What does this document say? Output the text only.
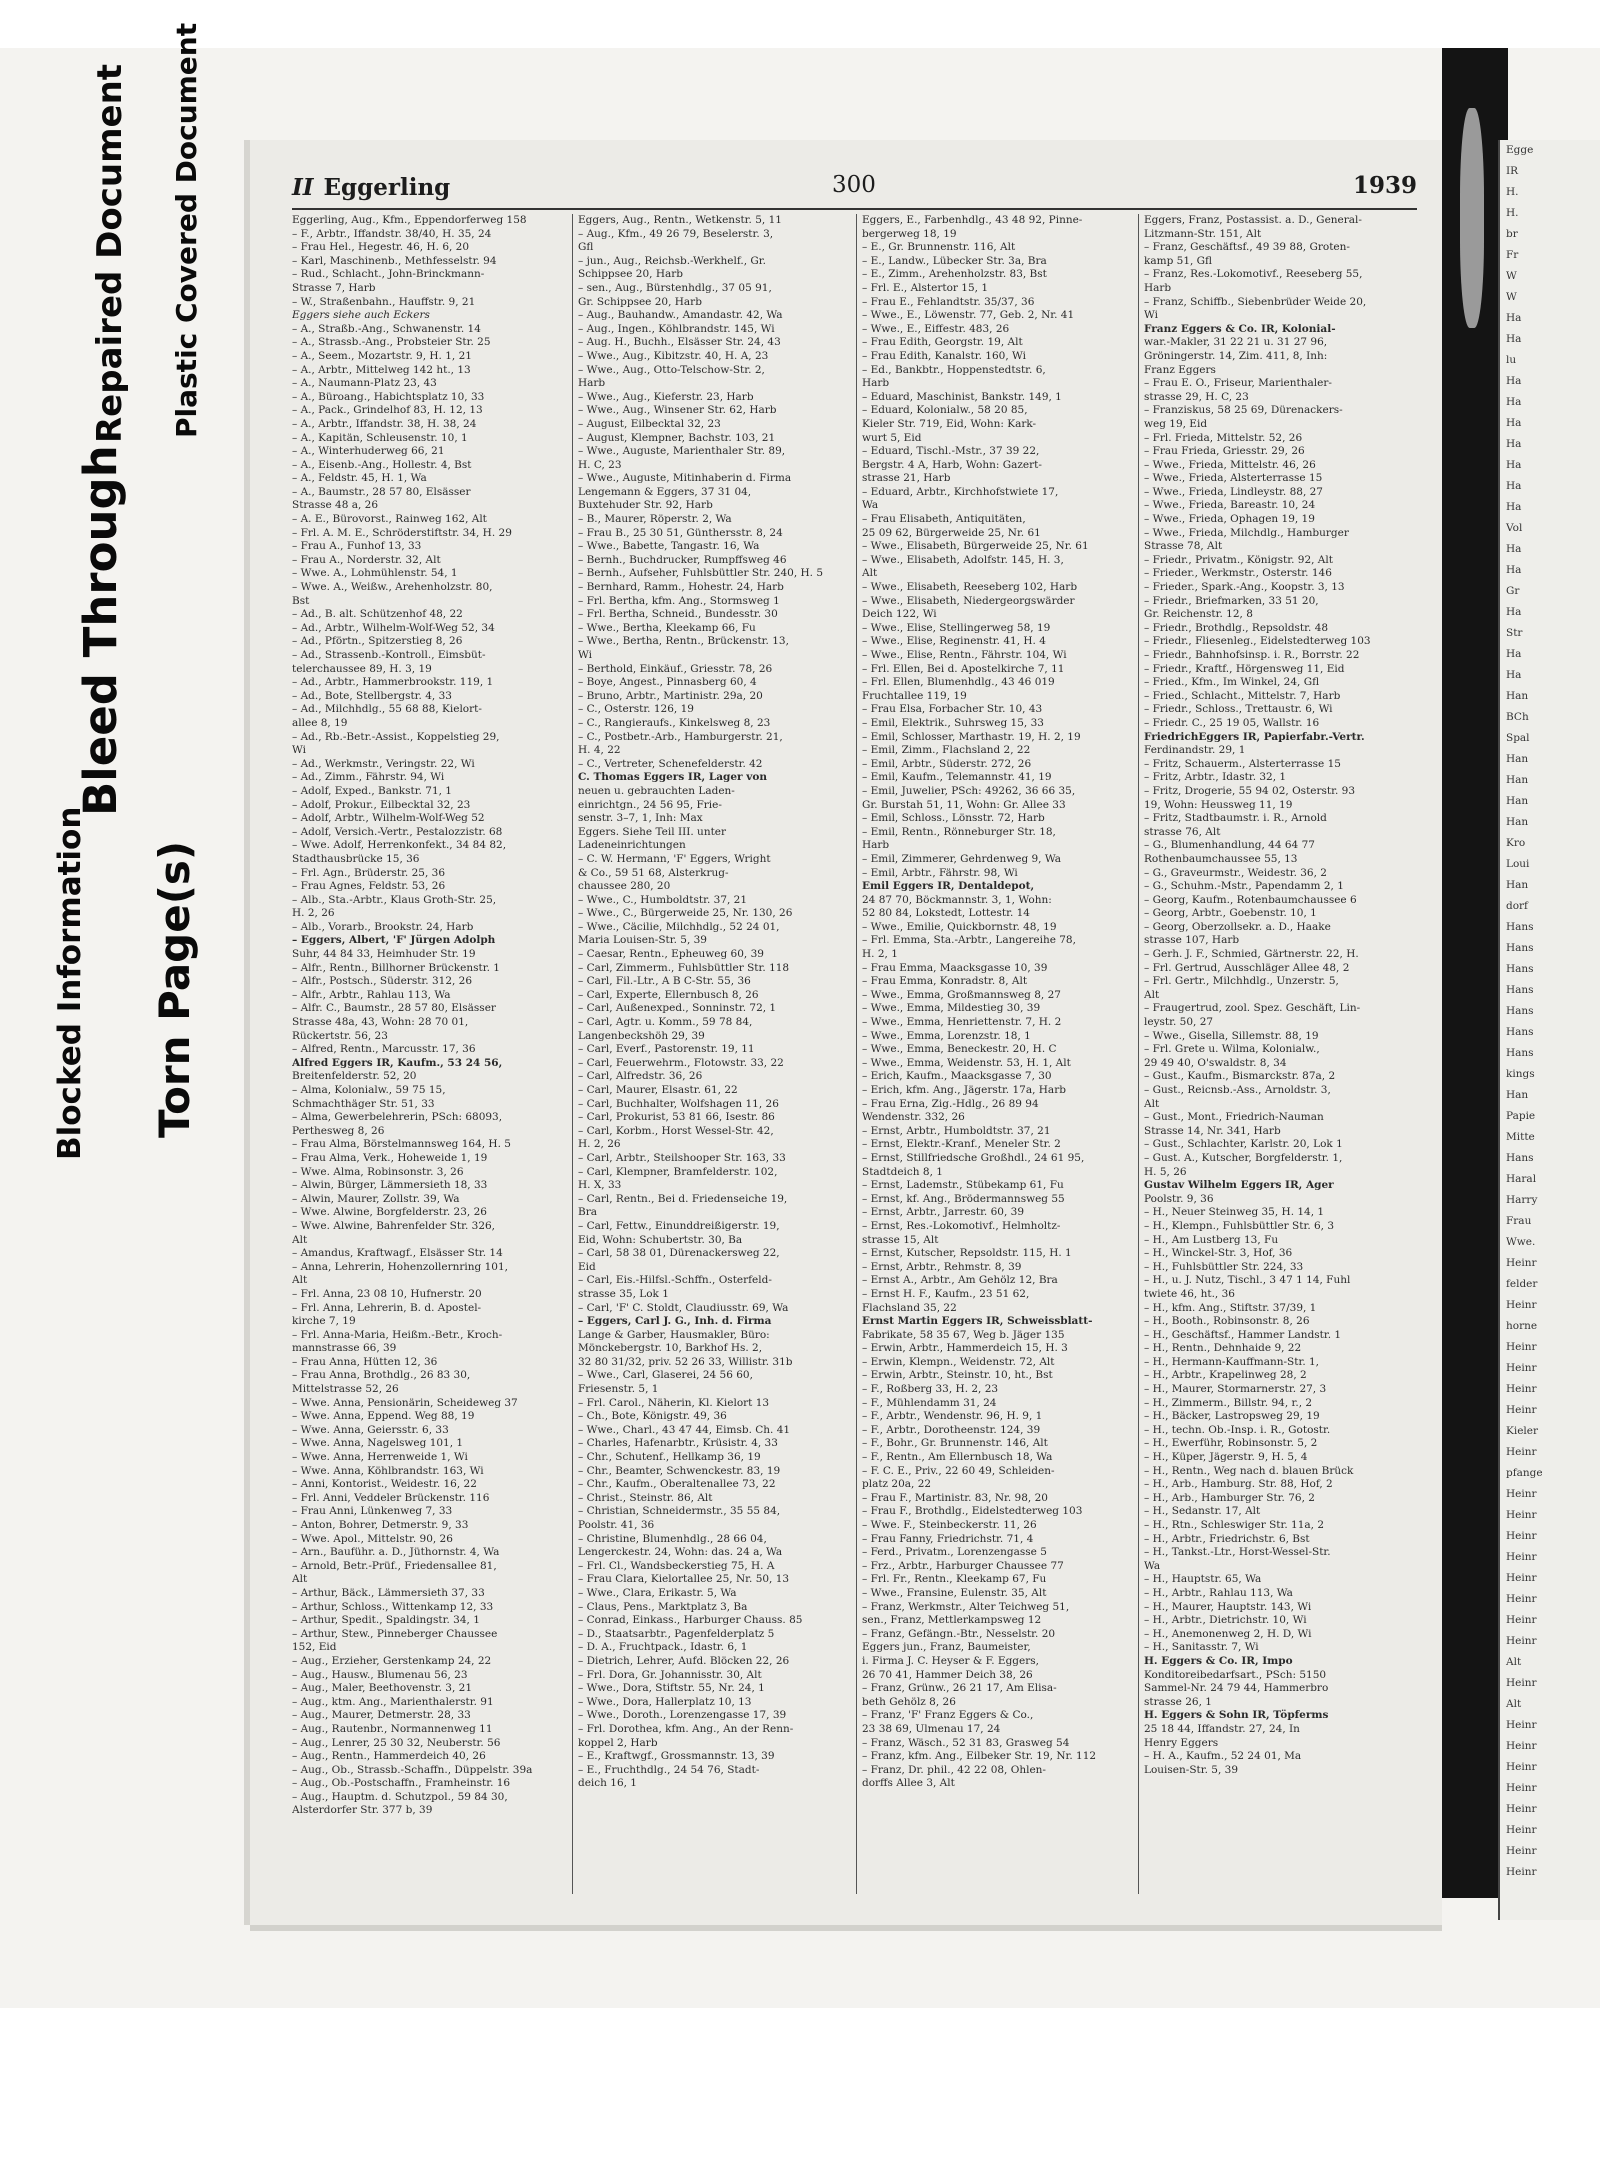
Blocked Information Torn Page(s)
Bleed Through
Repaired Document Plastic Covered Document	Egge
IR
H.
H.
br
Fr
W
W
Ha
Ha
lu
Ha
Ha
Ha
Ha
Ha
Ha
Ha
Vol
Ha
Ha
Gr
Ha
Str
Ha
Ha
Han
BCh
Spal
Han
Han
Han
Han
Kro
Loui
Han
dorf
Hans
Hans
Hans
Hans
Hans
Hans
Hans
kings
Han
Papie
Mitte
Hans
Haral
Harry
Frau
Wwe.
Heinr
felder
Heinr
horne
Heinr
Heinr
Heinr
Heinr
Kieler
Heinr
pfange
Heinr
Heinr
Heinr
Heinr
Heinr
Heinr
Heinr
Heinr
Alt
Heinr
Alt
Heinr
Heinr
Heinr
Heinr
Heinr
Heinr
Heinr
Heinr
II Eggerling	300	1939
Eggerling, Aug., Kfm., Eppendorferweg 158
– F., Arbtr., Iffandstr. 38/40, H. 35, 24
– Frau Hel., Hegestr. 46, H. 6, 20
– Karl, Maschinenb., Methfesselstr. 94
– Rud., Schlacht., John-Brinckmann-
Strasse 7, Harb
– W., Straßenbahn., Hauffstr. 9, 21
Eggers siehe auch Eckers
– A., Straßb.-Ang., Schwanenstr. 14
– A., Strassb.-Ang., Probsteier Str. 25
– A., Seem., Mozartstr. 9, H. 1, 21
– A., Arbtr., Mittelweg 142 ht., 13
– A., Naumann-Platz 23, 43
– A., Büroang., Habichtsplatz 10, 33
– A., Pack., Grindelhof 83, H. 12, 13
– A., Arbtr., Iffandstr. 38, H. 38, 24
– A., Kapitän, Schleusenstr. 10, 1
– A., Winterhuderweg 66, 21
– A., Eisenb.-Ang., Hollestr. 4, Bst
– A., Feldstr. 45, H. 1, Wa
– A., Baumstr., 28 57 80, Elsässer
Strasse 48 a, 26
– A. E., Bürovorst., Rainweg 162, Alt
– Frl. A. M. E., Schröderstiftstr. 34, H. 29
– Frau A., Funhof 13, 33
– Frau A., Norderstr. 32, Alt
– Wwe. A., Lohmühlenstr. 54, 1
– Wwe. A., Weißw., Arehenholzstr. 80,
Bst
– Ad., B. alt. Schützenhof 48, 22
– Ad., Arbtr., Wilhelm-Wolf-Weg 52, 34
– Ad., Pförtn., Spitzerstieg 8, 26
– Ad., Strassenb.-Kontroll., Eimsbüt-
telerchaussee 89, H. 3, 19
– Ad., Arbtr., Hammerbrookstr. 119, 1
– Ad., Bote, Stellbergstr. 4, 33
– Ad., Milchhdlg., 55 68 88, Kielort-
allee 8, 19
– Ad., Rb.-Betr.-Assist., Koppelstieg 29,
Wi
– Ad., Werkmstr., Veringstr. 22, Wi
– Ad., Zimm., Fährstr. 94, Wi
– Adolf, Exped., Bankstr. 71, 1
– Adolf, Prokur., Eilbecktal 32, 23
– Adolf, Arbtr., Wilhelm-Wolf-Weg 52
– Adolf, Versich.-Vertr., Pestalozzistr. 68
– Wwe. Adolf, Herrenkonfekt., 34 84 82,
Stadthausbrücke 15, 36
– Frl. Agn., Brüderstr. 25, 36
– Frau Agnes, Feldstr. 53, 26
– Alb., Sta.-Arbtr., Klaus Groth-Str. 25,
H. 2, 26
– Alb., Vorarb., Brookstr. 24, Harb
– Eggers, Albert, 'F' Jürgen Adolph
Suhr, 44 84 33, Heimhuder Str. 19
– Alfr., Rentn., Billhorner Brückenstr. 1
– Alfr., Postsch., Süderstr. 312, 26
– Alfr., Arbtr., Rahlau 113, Wa
– Alfr. C., Baumstr., 28 57 80, Elsässer
Strasse 48a, 43, Wohn: 28 70 01,
Rückertstr. 56, 23
– Alfred, Rentn., Marcusstr. 17, 36
Alfred Eggers IR, Kaufm., 53 24 56,
Breitenfelderstr. 52, 20
– Alma, Kolonialw., 59 75 15,
Schmachthäger Str. 51, 33
– Alma, Gewerbelehrerin, PSch: 68093,
Perthesweg 8, 26
– Frau Alma, Börstelmannsweg 164, H. 5
– Frau Alma, Verk., Hoheweide 1, 19
– Wwe. Alma, Robinsonstr. 3, 26
– Alwin, Bürger, Lämmersieth 18, 33
– Alwin, Maurer, Zollstr. 39, Wa
– Wwe. Alwine, Borgfelderstr. 23, 26
– Wwe. Alwine, Bahrenfelder Str. 326,
Alt
– Amandus, Kraftwagf., Elsässer Str. 14
– Anna, Lehrerin, Hohenzollernring 101,
Alt
– Frl. Anna, 23 08 10, Hufnerstr. 20
– Frl. Anna, Lehrerin, B. d. Apostel-
kirche 7, 19
– Frl. Anna-Maria, Heißm.-Betr., Kroch-
mannstrasse 66, 39
– Frau Anna, Hütten 12, 36
– Frau Anna, Brothdlg., 26 83 30,
Mittelstrasse 52, 26
– Wwe. Anna, Pensionärin, Scheideweg 37
– Wwe. Anna, Eppend. Weg 88, 19
– Wwe. Anna, Geiersstr. 6, 33
– Wwe. Anna, Nagelsweg 101, 1
– Wwe. Anna, Herrenweide 1, Wi
– Wwe. Anna, Köhlbrandstr. 163, Wi
– Anni, Kontorist., Weidestr. 16, 22
– Frl. Anni, Veddeler Brückenstr. 116
– Frau Anni, Lünkenweg 7, 33
– Anton, Bohrer, Detmerstr. 9, 33
– Wwe. Apol., Mittelstr. 90, 26
– Arn., Bauführ. a. D., Jüthornstr. 4, Wa
– Arnold, Betr.-Prüf., Friedensallee 81,
Alt
– Arthur, Bäck., Lämmersieth 37, 33
– Arthur, Schloss., Wittenkamp 12, 33
– Arthur, Spedit., Spaldingstr. 34, 1
– Arthur, Stew., Pinneberger Chaussee
152, Eid
– Aug., Erzieher, Gerstenkamp 24, 22
– Aug., Hausw., Blumenau 56, 23
– Aug., Maler, Beethovenstr. 3, 21
– Aug., ktm. Ang., Marienthalerstr. 91
– Aug., Maurer, Detmerstr. 28, 33
– Aug., Rautenbr., Normannenweg 11
– Aug., Lenrer, 25 30 32, Neuberstr. 56
– Aug., Rentn., Hammerdeich 40, 26
– Aug., Ob., Strassb.-Schaffn., Düppelstr. 39a
– Aug., Ob.-Postschaffn., Framheinstr. 16
– Aug., Hauptm. d. Schutzpol., 59 84 30,
Alsterdorfer Str. 377 b, 39
Eggers, Aug., Rentn., Wetkenstr. 5, 11
– Aug., Kfm., 49 26 79, Beselerstr. 3,
Gfl
– jun., Aug., Reichsb.-Werkhelf., Gr.
Schippsee 20, Harb
– sen., Aug., Bürstenhdlg., 37 05 91,
Gr. Schippsee 20, Harb
– Aug., Bauhandw., Amandastr. 42, Wa
– Aug., Ingen., Köhlbrandstr. 145, Wi
– Aug. H., Buchh., Elsässer Str. 24, 43
– Wwe., Aug., Kibitzstr. 40, H. A, 23
– Wwe., Aug., Otto-Telschow-Str. 2,
Harb
– Wwe., Aug., Kieferstr. 23, Harb
– Wwe., Aug., Winsener Str. 62, Harb
– August, Eilbecktal 32, 23
– August, Klempner, Bachstr. 103, 21
– Wwe., Auguste, Marienthaler Str. 89,
H. C, 23
– Wwe., Auguste, Mitinhaberin d. Firma
Lengemann & Eggers, 37 31 04,
Buxtehuder Str. 92, Harb
– B., Maurer, Röperstr. 2, Wa
– Frau B., 25 30 51, Günthersstr. 8, 24
– Wwe., Babette, Tangastr. 16, Wa
– Bernh., Buchdrucker, Rumpffsweg 46
– Bernh., Aufseher, Fuhlsbüttler Str. 240, H. 5
– Bernhard, Ramm., Hohestr. 24, Harb
– Frl. Bertha, kfm. Ang., Stormsweg 1
– Frl. Bertha, Schneid., Bundesstr. 30
– Wwe., Bertha, Kleekamp 66, Fu
– Wwe., Bertha, Rentn., Brückenstr. 13,
Wi
– Berthold, Einkäuf., Griesstr. 78, 26
– Boye, Angest., Pinnasberg 60, 4
– Bruno, Arbtr., Martinistr. 29a, 20
– C., Osterstr. 126, 19
– C., Rangieraufs., Kinkelsweg 8, 23
– C., Postbetr.-Arb., Hamburgerstr. 21,
H. 4, 22
– C., Vertreter, Schenefelderstr. 42
C. Thomas Eggers IR, Lager von
neuen u. gebrauchten Laden-
einrichtgn., 24 56 95, Frie-
senstr. 3–7, 1, Inh: Max
Eggers. Siehe Teil III. unter
Ladeneinrichtungen
– C. W. Hermann, 'F' Eggers, Wright
& Co., 59 51 68, Alsterkrug-
chaussee 280, 20
– Wwe., C., Humboldtstr. 37, 21
– Wwe., C., Bürgerweide 25, Nr. 130, 26
– Wwe., Cäcilie, Milchhdlg., 52 24 01,
Maria Louisen-Str. 5, 39
– Caesar, Rentn., Epheuweg 60, 39
– Carl, Zimmerm., Fuhlsbüttler Str. 118
– Carl, Fil.-Ltr., A B C-Str. 55, 36
– Carl, Experte, Ellernbusch 8, 26
– Carl, Außenexped., Sonninstr. 72, 1
– Carl, Agtr. u. Komm., 59 78 84,
Langenbeckshöh 29, 39
– Carl, Everf., Pastorenstr. 19, 11
– Carl, Feuerwehrm., Flotowstr. 33, 22
– Carl, Alfredstr. 36, 26
– Carl, Maurer, Elsastr. 61, 22
– Carl, Buchhalter, Wolfshagen 11, 26
– Carl, Prokurist, 53 81 66, Isestr. 86
– Carl, Korbm., Horst Wessel-Str. 42,
H. 2, 26
– Carl, Arbtr., Steilshooper Str. 163, 33
– Carl, Klempner, Bramfelderstr. 102,
H. X, 33
– Carl, Rentn., Bei d. Friedenseiche 19,
Bra
– Carl, Fettw., Einunddreißigerstr. 19,
Eid, Wohn: Schubertstr. 30, Ba
– Carl, 58 38 01, Dürenackersweg 22,
Eid
– Carl, Eis.-Hilfsl.-Schffn., Osterfeld-
strasse 35, Lok 1
– Carl, 'F' C. Stoldt, Claudiusstr. 69, Wa
– Eggers, Carl J. G., Inh. d. Firma
Lange & Garber, Hausmakler, Büro:
Mönckebergstr. 10, Barkhof Hs. 2,
32 80 31/32, priv. 52 26 33, Willistr. 31b
– Wwe., Carl, Glaserei, 24 56 60,
Friesenstr. 5, 1
– Frl. Carol., Näherin, Kl. Kielort 13
– Ch., Bote, Königstr. 49, 36
– Wwe., Charl., 43 47 44, Eimsb. Ch. 41
– Charles, Hafenarbtr., Krüsistr. 4, 33
– Chr., Schutenf., Hellkamp 36, 19
– Chr., Beamter, Schwenckestr. 83, 19
– Chr., Kaufm., Oberaltenallee 73, 22
– Christ., Steinstr. 86, Alt
– Christian, Schneidermstr., 35 55 84,
Poolstr. 41, 36
– Christine, Blumenhdlg., 28 66 04,
Lengerckestr. 24, Wohn: das. 24 a, Wa
– Frl. Cl., Wandsbeckerstieg 75, H. A
– Frau Clara, Kielortallee 25, Nr. 50, 13
– Wwe., Clara, Erikastr. 5, Wa
– Claus, Pens., Marktplatz 3, Ba
– Conrad, Einkass., Harburger Chauss. 85
– D., Staatsarbtr., Pagenfelderplatz 5
– D. A., Fruchtpack., Idastr. 6, 1
– Dietrich, Lehrer, Aufd. Blöcken 22, 26
– Frl. Dora, Gr. Johannisstr. 30, Alt
– Wwe., Dora, Stiftstr. 55, Nr. 24, 1
– Wwe., Dora, Hallerplatz 10, 13
– Wwe., Doroth., Lorenzengasse 17, 39
– Frl. Dorothea, kfm. Ang., An der Renn-
koppel 2, Harb
– E., Kraftwgf., Grossmannstr. 13, 39
– E., Fruchthdlg., 24 54 76, Stadt-
deich 16, 1
Eggers, E., Farbenhdlg., 43 48 92, Pinne-
bergerweg 18, 19
– E., Gr. Brunnenstr. 116, Alt
– E., Landw., Lübecker Str. 3a, Bra
– E., Zimm., Arehenholzstr. 83, Bst
– Frl. E., Alstertor 15, 1
– Frau E., Fehlandtstr. 35/37, 36
– Wwe., E., Löwenstr. 77, Geb. 2, Nr. 41
– Wwe., E., Eiffestr. 483, 26
– Frau Edith, Georgstr. 19, Alt
– Frau Edith, Kanalstr. 160, Wi
– Ed., Bankbtr., Hoppenstedtstr. 6,
Harb
– Eduard, Maschinist, Bankstr. 149, 1
– Eduard, Kolonialw., 58 20 85,
Kieler Str. 719, Eid, Wohn: Kark-
wurt 5, Eid
– Eduard, Tischl.-Mstr., 37 39 22,
Bergstr. 4 A, Harb, Wohn: Gazert-
strasse 21, Harb
– Eduard, Arbtr., Kirchhofstwiete 17,
Wa
– Frau Elisabeth, Antiquitäten,
25 09 62, Bürgerweide 25, Nr. 61
– Wwe., Elisabeth, Bürgerweide 25, Nr. 61
– Wwe., Elisabeth, Adolfstr. 145, H. 3,
Alt
– Wwe., Elisabeth, Reeseberg 102, Harb
– Wwe., Elisabeth, Niedergeorgswärder
Deich 122, Wi
– Wwe., Elise, Stellingerweg 58, 19
– Wwe., Elise, Reginenstr. 41, H. 4
– Wwe., Elise, Rentn., Fährstr. 104, Wi
– Frl. Ellen, Bei d. Apostelkirche 7, 11
– Frl. Ellen, Blumenhdlg., 43 46 019
Fruchtallee 119, 19
– Frau Elsa, Forbacher Str. 10, 43
– Emil, Elektrik., Suhrsweg 15, 33
– Emil, Schlosser, Marthastr. 19, H. 2, 19
– Emil, Zimm., Flachsland 2, 22
– Emil, Arbtr., Süderstr. 272, 26
– Emil, Kaufm., Telemannstr. 41, 19
– Emil, Juwelier, PSch: 49262, 36 66 35,
Gr. Burstah 51, 11, Wohn: Gr. Allee 33
– Emil, Schloss., Lönsstr. 72, Harb
– Emil, Rentn., Rönneburger Str. 18,
Harb
– Emil, Zimmerer, Gehrdenweg 9, Wa
– Emil, Arbtr., Fährstr. 98, Wi
Emil Eggers IR, Dentaldepot,
24 87 70, Böckmannstr. 3, 1, Wohn:
52 80 84, Lokstedt, Lottestr. 14
– Wwe., Emilie, Quickbornstr. 48, 19
– Frl. Emma, Sta.-Arbtr., Langereihe 78,
H. 2, 1
– Frau Emma, Maacksgasse 10, 39
– Frau Emma, Konradstr. 8, Alt
– Wwe., Emma, Großmannsweg 8, 27
– Wwe., Emma, Mildestieg 30, 39
– Wwe., Emma, Henriettenstr. 7, H. 2
– Wwe., Emma, Lorenzstr. 18, 1
– Wwe., Emma, Beneckestr. 20, H. C
– Wwe., Emma, Weidenstr. 53, H. 1, Alt
– Erich, Kaufm., Maacksgasse 7, 30
– Erich, kfm. Ang., Jägerstr. 17a, Harb
– Frau Erna, Zig.-Hdlg., 26 89 94
Wendenstr. 332, 26
– Ernst, Arbtr., Humboldtstr. 37, 21
– Ernst, Elektr.-Kranf., Meneler Str. 2
– Ernst, Stillfriedsche Großhdl., 24 61 95,
Stadtdeich 8, 1
– Ernst, Lademstr., Stübekamp 61, Fu
– Ernst, kf. Ang., Brödermannsweg 55
– Ernst, Arbtr., Jarrestr. 60, 39
– Ernst, Res.-Lokomotivf., Helmholtz-
strasse 15, Alt
– Ernst, Kutscher, Repsoldstr. 115, H. 1
– Ernst, Arbtr., Rehmstr. 8, 39
– Ernst A., Arbtr., Am Gehölz 12, Bra
– Ernst H. F., Kaufm., 23 51 62,
Flachsland 35, 22
Ernst Martin Eggers IR, Schweissblatt-
Fabrikate, 58 35 67, Weg b. Jäger 135
– Erwin, Arbtr., Hammerdeich 15, H. 3
– Erwin, Klempn., Weidenstr. 72, Alt
– Erwin, Arbtr., Steinstr. 10, ht., Bst
– F., Roßberg 33, H. 2, 23
– F., Mühlendamm 31, 24
– F., Arbtr., Wendenstr. 96, H. 9, 1
– F., Arbtr., Dorotheenstr. 124, 39
– F., Bohr., Gr. Brunnenstr. 146, Alt
– F., Rentn., Am Ellernbusch 18, Wa
– F. C. E., Priv., 22 60 49, Schleiden-
platz 20a, 22
– Frau F., Martinistr. 83, Nr. 98, 20
– Frau F., Brothdlg., Eidelstedterweg 103
– Wwe. F., Steinbeckerstr. 11, 26
– Frau Fanny, Friedrichstr. 71, 4
– Ferd., Privatm., Lorenzengasse 5
– Frz., Arbtr., Harburger Chaussee 77
– Frl. Fr., Rentn., Kleekamp 67, Fu
– Wwe., Fransine, Eulenstr. 35, Alt
– Franz, Werkmstr., Alter Teichweg 51,
sen., Franz, Mettlerkampsweg 12
– Franz, Gefängn.-Btr., Nesselstr. 20
Eggers jun., Franz, Baumeister,
i. Firma J. C. Heyser & F. Eggers,
26 70 41, Hammer Deich 38, 26
– Franz, Grünw., 26 21 17, Am Elisa-
beth Gehölz 8, 26
– Franz, 'F' Franz Eggers & Co.,
23 38 69, Ulmenau 17, 24
– Franz, Wäsch., 52 31 83, Grasweg 54
– Franz, kfm. Ang., Eilbeker Str. 19, Nr. 112
– Franz, Dr. phil., 42 22 08, Ohlen-
dorffs Allee 3, Alt
Eggers, Franz, Postassist. a. D., General-
Litzmann-Str. 151, Alt
– Franz, Geschäftsf., 49 39 88, Groten-
kamp 51, Gfl
– Franz, Res.-Lokomotivf., Reeseberg 55,
Harb
– Franz, Schiffb., Siebenbrüder Weide 20,
Wi
Franz Eggers & Co. IR, Kolonial-
war.-Makler, 31 22 21 u. 31 27 96,
Gröningerstr. 14, Zim. 411, 8, Inh:
Franz Eggers
– Frau E. O., Friseur, Marienthaler-
strasse 29, H. C, 23
– Franziskus, 58 25 69, Dürenackers-
weg 19, Eid
– Frl. Frieda, Mittelstr. 52, 26
– Frau Frieda, Griesstr. 29, 26
– Wwe., Frieda, Mittelstr. 46, 26
– Wwe., Frieda, Alsterterrasse 15
– Wwe., Frieda, Lindleystr. 88, 27
– Wwe., Frieda, Bareastr. 10, 24
– Wwe., Frieda, Ophagen 19, 19
– Wwe., Frieda, Milchdlg., Hamburger
Strasse 78, Alt
– Friedr., Privatm., Königstr. 92, Alt
– Frieder., Werkmstr., Osterstr. 146
– Frieder., Spark.-Ang., Koopstr. 3, 13
– Friedr., Briefmarken, 33 51 20,
Gr. Reichenstr. 12, 8
– Friedr., Brothdlg., Repsoldstr. 48
– Friedr., Fliesenleg., Eidelstedterweg 103
– Friedr., Bahnhofsinsp. i. R., Borrstr. 22
– Friedr., Kraftf., Hörgensweg 11, Eid
– Fried., Kfm., Im Winkel, 24, Gfl
– Fried., Schlacht., Mittelstr. 7, Harb
– Friedr., Schloss., Trettaustr. 6, Wi
– Friedr. C., 25 19 05, Wallstr. 16
FriedrichEggers IR, Papierfabr.-Vertr.
Ferdinandstr. 29, 1
– Fritz, Schauerm., Alsterterrasse 15
– Fritz, Arbtr., Idastr. 32, 1
– Fritz, Drogerie, 55 94 02, Osterstr. 93
19, Wohn: Heussweg 11, 19
– Fritz, Stadtbaumstr. i. R., Arnold
strasse 76, Alt
– G., Blumenhandlung, 44 64 77
Rothenbaumchaussee 55, 13
– G., Graveurmstr., Weidestr. 36, 2
– G., Schuhm.-Mstr., Papendamm 2, 1
– Georg, Kaufm., Rotenbaumchaussee 6
– Georg, Arbtr., Goebenstr. 10, 1
– Georg, Oberzollsekr. a. D., Haake
strasse 107, Harb
– Gerh. J. F., Schmied, Gärtnerstr. 22, H.
– Frl. Gertrud, Ausschläger Allee 48, 2
– Frl. Gertr., Milchhdlg., Unzerstr. 5,
Alt
– Fraugertrud, zool. Spez. Geschäft, Lin-
leystr. 50, 27
– Wwe., Gisella, Sillemstr. 88, 19
– Frl. Grete u. Wilma, Kolonialw.,
29 49 40, O'swaldstr. 8, 34
– Gust., Kaufm., Bismarckstr. 87a, 2
– Gust., Reicnsb.-Ass., Arnoldstr. 3,
Alt
– Gust., Mont., Friedrich-Nauman
Strasse 14, Nr. 341, Harb
– Gust., Schlachter, Karlstr. 20, Lok 1
– Gust. A., Kutscher, Borgfelderstr. 1,
H. 5, 26
Gustav Wilhelm Eggers IR, Ager
Poolstr. 9, 36
– H., Neuer Steinweg 35, H. 14, 1
– H., Klempn., Fuhlsbüttler Str. 6, 3
– H., Am Lustberg 13, Fu
– H., Winckel-Str. 3, Hof, 36
– H., Fuhlsbüttler Str. 224, 33
– H., u. J. Nutz, Tischl., 3 47 1 14, Fuhl
twiete 46, ht., 36
– H., kfm. Ang., Stiftstr. 37/39, 1
– H., Booth., Robinsonstr. 8, 26
– H., Geschäftsf., Hammer Landstr. 1
– H., Rentn., Dehnhaide 9, 22
– H., Hermann-Kauffmann-Str. 1,
– H., Arbtr., Krapelinweg 28, 2
– H., Maurer, Stormarnerstr. 27, 3
– H., Zimmerm., Billstr. 94, r., 2
– H., Bäcker, Lastropsweg 29, 19
– H., techn. Ob.-Insp. i. R., Gotostr.
– H., Ewerführ, Robinsonstr. 5, 2
– H., Küper, Jägerstr. 9, H. 5, 4
– H., Rentn., Weg nach d. blauen Brück
– H., Arb., Hamburg. Str. 88, Hof, 2
– H., Arb., Hamburger Str. 76, 2
– H., Sedanstr. 17, Alt
– H., Rtn., Schleswiger Str. 11a, 2
– H., Arbtr., Friedrichstr. 6, Bst
– H., Tankst.-Ltr., Horst-Wessel-Str.
Wa
– H., Hauptstr. 65, Wa
– H., Arbtr., Rahlau 113, Wa
– H., Maurer, Hauptstr. 143, Wi
– H., Arbtr., Dietrichstr. 10, Wi
– H., Anemonenweg 2, H. D, Wi
– H., Sanitasstr. 7, Wi
H. Eggers & Co. IR, Impo
Konditoreibedarfsart., PSch: 5150
Sammel-Nr. 24 79 44, Hammerbro
strasse 26, 1
H. Eggers & Sohn IR, Töpferms
25 18 44, Iffandstr. 27, 24, In
Henry Eggers
– H. A., Kaufm., 52 24 01, Ma
Louisen-Str. 5, 39
